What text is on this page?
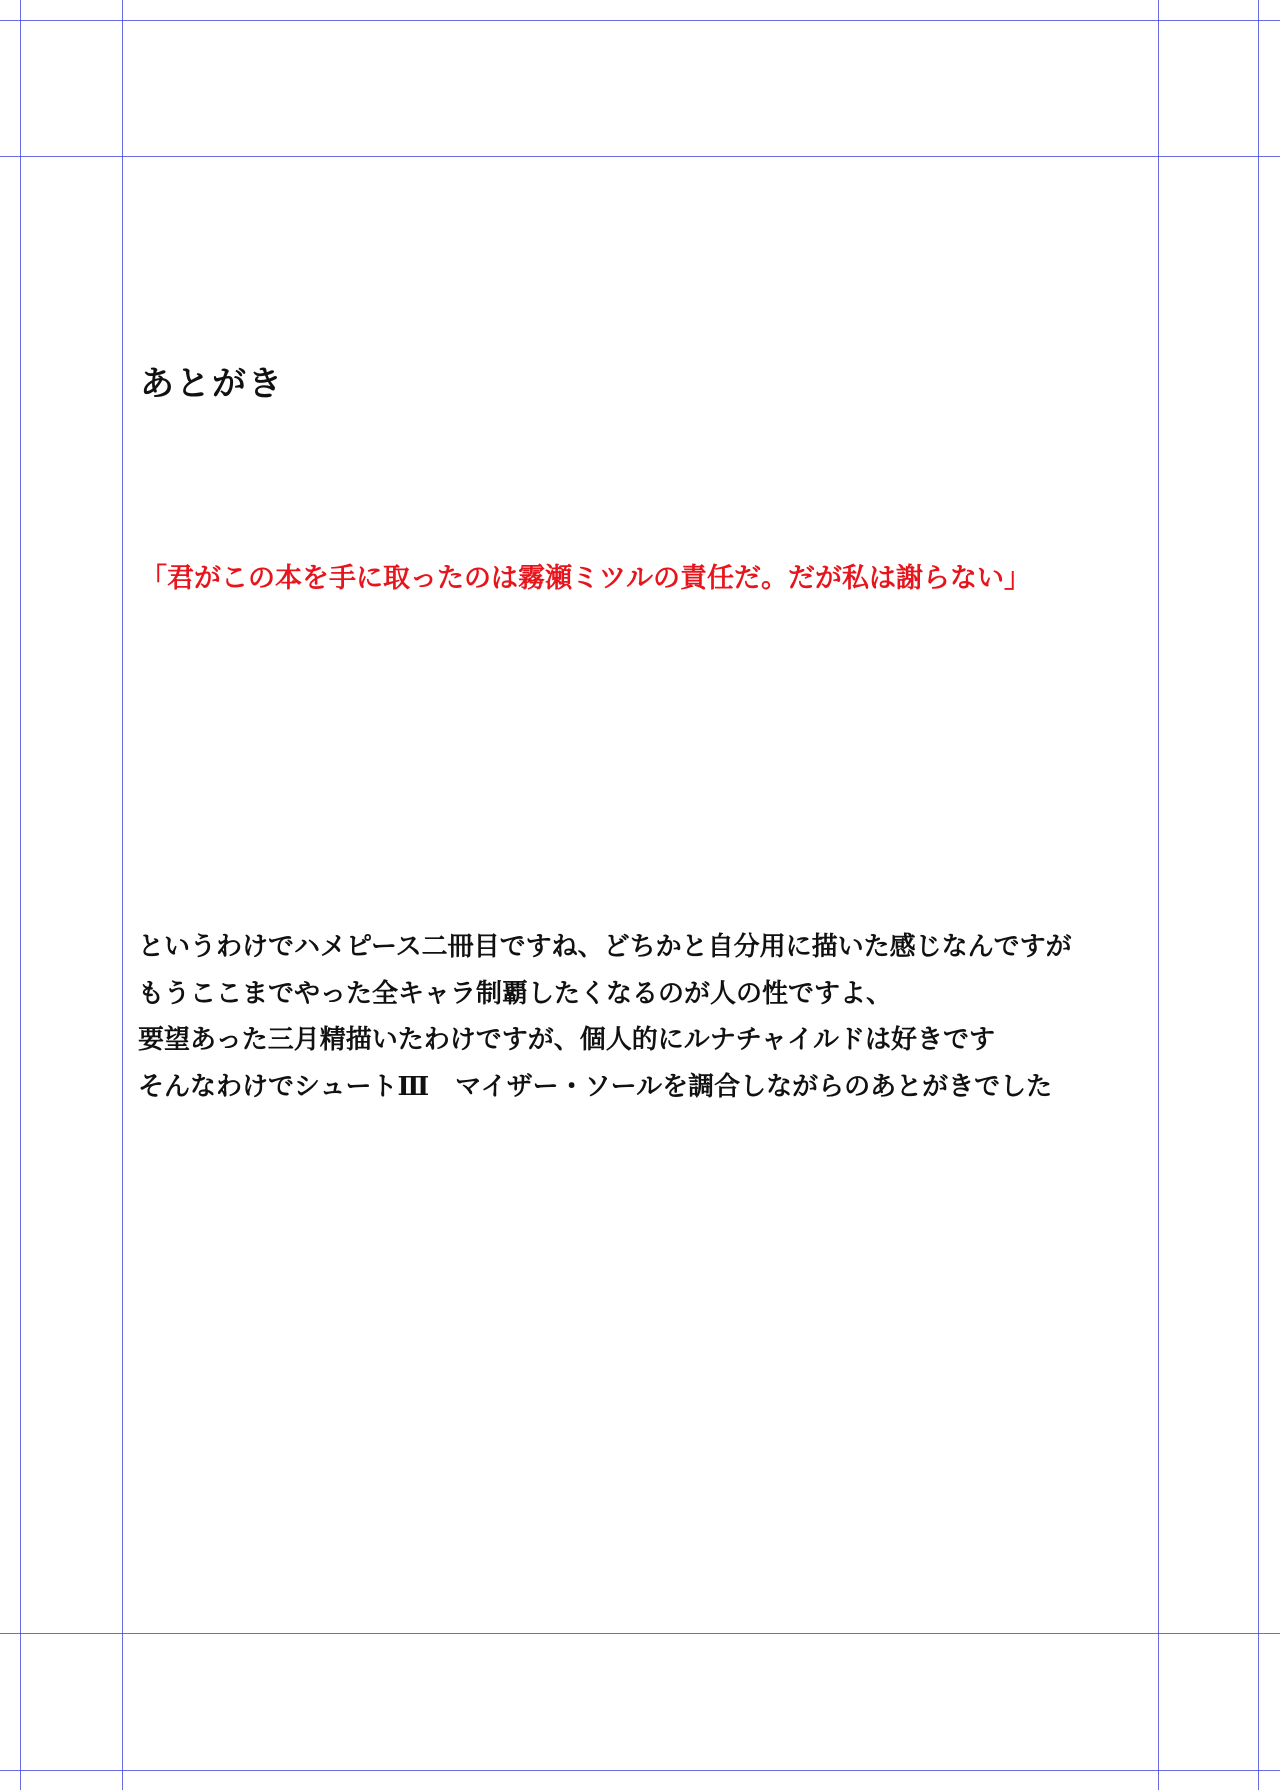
あとがき

「君がこの本を手に取ったのは霧瀬ミツルの責任だ。だが私は謝らない」

というわけでハメピース二冊目ですね、どちかと自分用に描いた感じなんですが
もうここまでやった全キャラ制覇したくなるのが人の性ですよ、
要望あった三月精描いたわけですが、個人的にルナチャイルドは好きです
そんなわけでシュートⅢ　マイザー・ソールを調合しながらのあとがきでした
